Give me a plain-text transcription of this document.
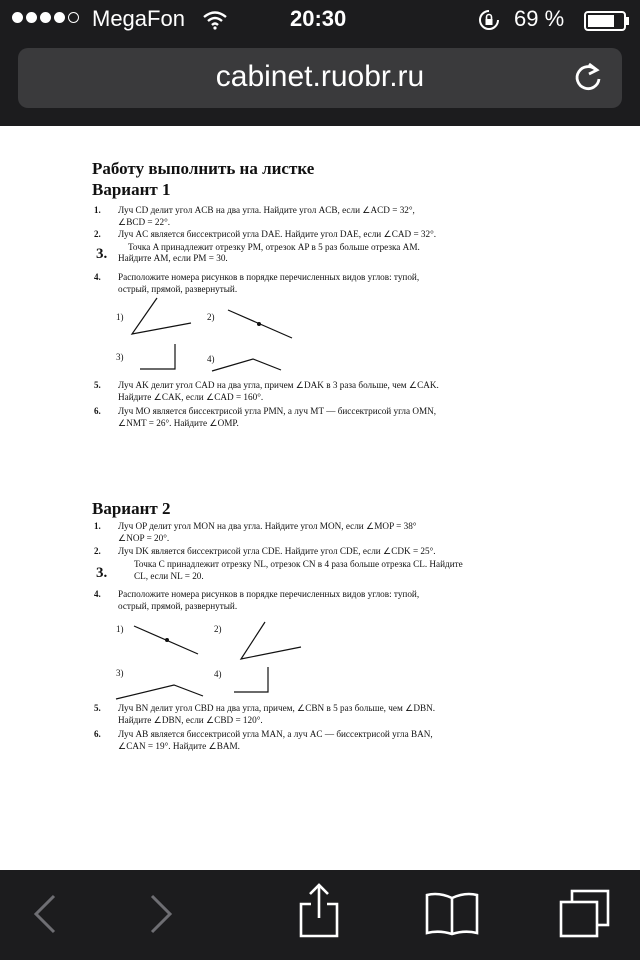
MegaFon	20:30	69 %
cabinet.ruobr.ru
Работу выполнить на листке
Вариант 1
1. Луч CD делит угол ACB на два угла. Найдите угол ACB, если ∠ACD = 32°,
∠BCD = 22°.
2. Луч AC является биссектрисой угла DAE. Найдите угол DAE, если ∠CAD = 32°.
3. Точка A принадлежит отрезку PM, отрезок AP в 5 раз больше отрезка AM.
Найдите AM, если PM = 30.
4. Расположите номера рисунков в порядке перечисленных видов углов: тупой,
острый, прямой, развернутый.
1)	2)
3)	4)
5. Луч AK делит угол CAD на два угла, причем ∠DAK в 3 раза больше, чем ∠CAK.
Найдите ∠CAK, если ∠CAD = 160°.
6. Луч MO является биссектрисой угла PMN, а луч MT — биссектрисой угла OMN,
∠NMT = 26°. Найдите ∠OMP.
Вариант 2
1. Луч OP делит угол MON на два угла. Найдите угол MON, если ∠MOP = 38°
∠NOP = 20°.
2. Луч DK является биссектрисой угла CDE. Найдите угол CDE, если ∠CDK = 25°.
3.
Точка C принадлежит отрезку NL, отрезок CN в 4 раза больше отрезка CL. Найдите
CL, если NL = 20.
4. Расположите номера рисунков в порядке перечисленных видов углов: тупой,
острый, прямой, развернутый.
1)	2)
3)	4)
5. Луч BN делит угол CBD на два угла, причем, ∠CBN в 5 раз больше, чем ∠DBN.
Найдите ∠DBN, если ∠CBD = 120°.
6. Луч AB является биссектрисой угла MAN, а луч AC — биссектрисой угла BAN,
∠CAN = 19°. Найдите ∠BAM.
